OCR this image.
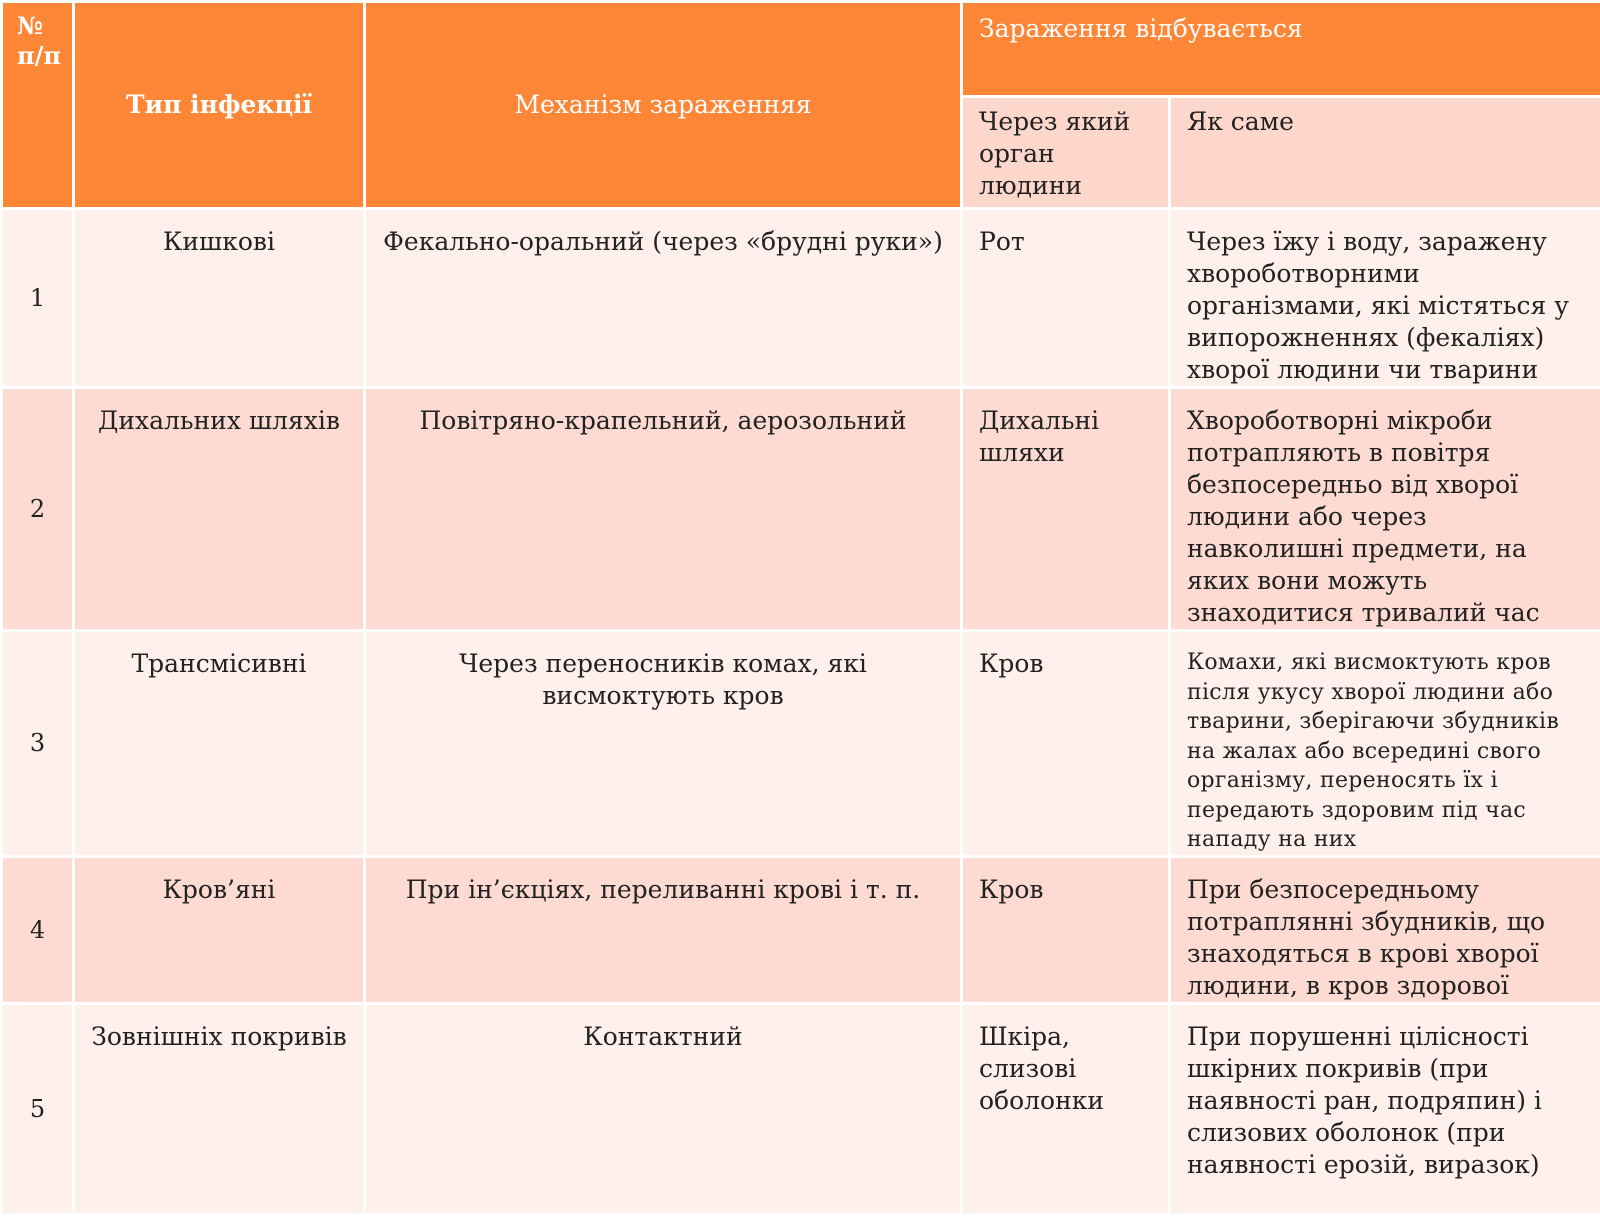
№ п/п	Тип інфекції	Механізм зараженняя	Зараження відбувається	
			Через який орган людини	Як саме
1	Кишкові	Фекально-оральний (через «брудні руки»)	Рот	Через їжу і воду, заражену хвороботворними організмами, які містяться у випорожненнях (фекаліях) хворої людини чи тварини
2	Дихальних шляхів	Повітряно-крапельний, аерозольний	Дихальні шляхи	Хвороботворні мікроби потрапляють в повітря безпосередньо від хворої людини або через навколишні предмети, на яких вони можуть знаходитися тривалий час
3	Трансмісивні	Через переносників комах, які висмоктують кров	Кров	Комахи, які висмоктують кров після укусу хворої людини або тварини, зберігаючи збудників на жалах або всередині свого організму, переносять їх і передають здоровим під час нападу на них
4	Кров’яні	При ін’єкціях, переливанні крові і т. п.	Кров	При безпосередньому потраплянні збудників, що знаходяться в крові хворої людини, в кров здорової
5	Зовнішніх покривів	Контактний	Шкіра, слизові оболонки	При порушенні цілісності шкірних покривів (при наявності ран, подряпин) і слизових оболонок (при наявності ерозій, виразок)
